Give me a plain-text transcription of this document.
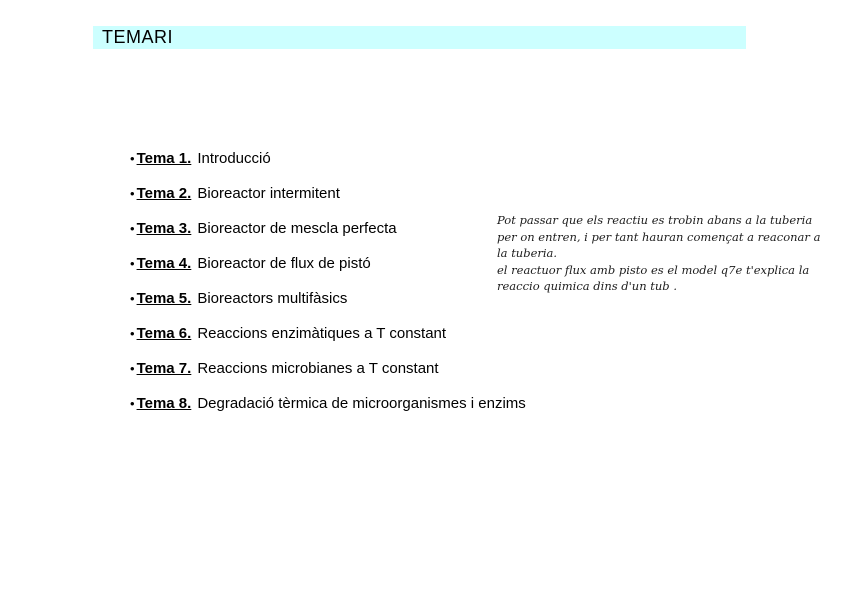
TEMARI
• Tema 1. Introducció
• Tema 2. Bioreactor intermitent
• Tema 3. Bioreactor de mescla perfecta
• Tema 4. Bioreactor de flux de pistó
• Tema 5. Bioreactors multifàsics
• Tema 6. Reaccions enzimàtiques a T constant
• Tema 7. Reaccions microbianes a T constant
• Tema 8. Degradació tèrmica de microorganismes i enzims
Pot passar que els reactiu es trobin abans a la tuberia
per on entren, i per tant hauran començat a reaconar a
la tuberia.
el reactuor flux amb pisto es el model q7e t'explica la
reaccio quimica dins d'un tub .
